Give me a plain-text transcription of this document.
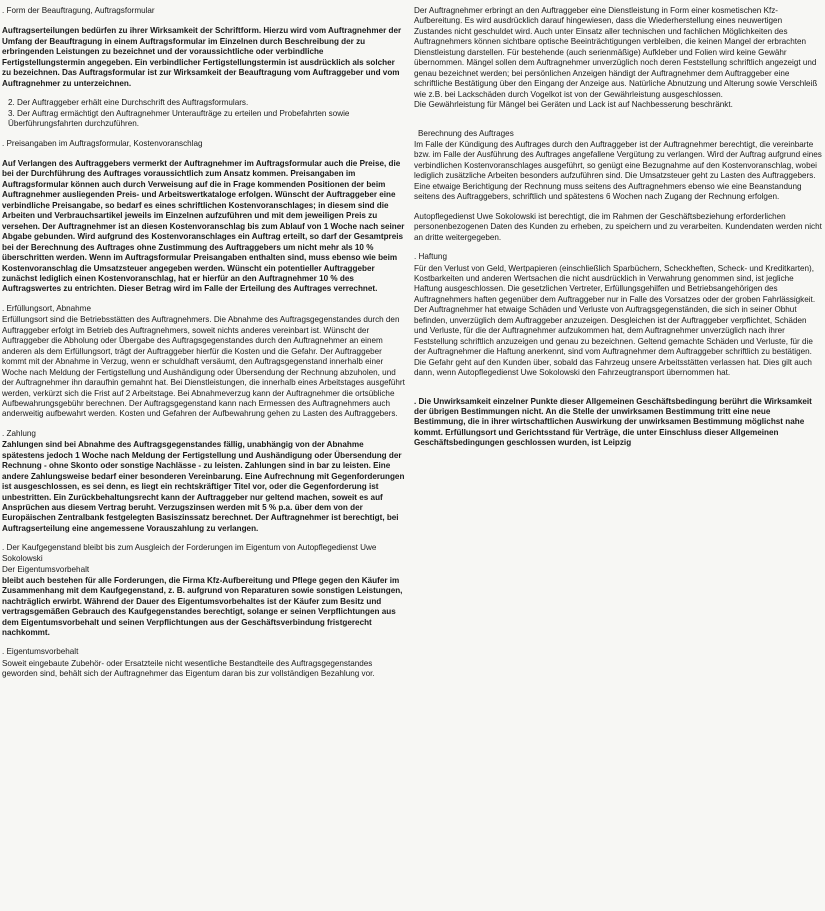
. Form der Beauftragung, Auftragsformular

Auftragserteilungen bedürfen zu ihrer Wirksamkeit der Schriftform. Hierzu wird vom Auftragnehmer der Umfang der Beauftragung in einem Auftragsformular im Einzelnen durch Beschreibung der zu erbringenden Leistungen zu bezeichnet und der voraussichtliche oder verbindliche Fertigstellungstermin angegeben. Ein verbindlicher Fertigstellungstermin ist ausdrücklich als solcher zu bezeichnen. Das Auftragsformular ist zur Wirksamkeit der Beauftragung vom Auftraggeber und vom Auftragnehmer zu unterzeichnen.

2. Der Auftraggeber erhält eine Durchschrift des Auftragsformulars.
3. Der Auftrag ermächtigt den Auftragnehmer Unteraufträge zu erteilen und Probefahrten sowie Überführungsfahrten durchzuführen.
. Preisangaben im Auftragsformular, Kostenvoranschlag

Auf Verlangen des Auftraggebers vermerkt der Auftragnehmer im Auftragsformular auch die Preise, die bei der Durchführung des Auftrages voraussichtlich zum Ansatz kommen. Preisangaben im Auftragsformular können auch durch Verweisung auf die in Frage kommenden Positionen der beim Auftragnehmer ausliegenden Preis- und Arbeitswertkataloge erfolgen. Wünscht der Auftraggeber eine verbindliche Preisangabe, so bedarf es eines schriftlichen Kostenvoranschlages; in diesem sind die Arbeiten und Verbrauchsartikel jeweils im Einzelnen aufzuführen und mit dem jeweiligen Preis zu versehen. Der Auftragnehmer ist an diesen Kostenvoranschlag bis zum Ablauf von 1 Woche nach seiner Abgabe gebunden. Wird aufgrund des Kostenvoranschlages ein Auftrag erteilt, so darf der Gesamtpreis bei der Berechnung des Auftrages ohne Zustimmung des Auftraggebers um nicht mehr als 10 % überschritten werden. Wenn im Auftragsformular Preisangaben enthalten sind, muss ebenso wie beim Kostenvoranschlag die Umsatzsteuer angegeben werden. Wünscht ein potentieller Auftraggeber zunächst lediglich einen Kostenvoranschlag, hat er hierfür an den Auftragnehmer 10 % des Auftragswertes zu entrichten. Dieser Betrag wird im Falle der Erteilung des Auftrages verrechnet.

. Erfüllungsort, Abnahme

Erfüllungsort sind die Betriebsstätten des Auftragnehmers. Die Abnahme des Auftragsgegenstandes durch den Auftraggeber erfolgt im Betrieb des Auftragnehmers, soweit nichts anderes vereinbart ist. Wünscht der Auftraggeber die Abholung oder Übergabe des Auftragsgegenstandes durch den Auftragnehmer an einem anderen als dem Erfüllungsort, trägt der Auftraggeber hierfür die Kosten und die Gefahr. Der Auftraggeber kommt mit der Abnahme in Verzug, wenn er schuldhaft versäumt, den Auftragsgegenstand innerhalb einer Woche nach Meldung der Fertigstellung und Aushändigung oder Übersendung der Rechnung abzuholen, und der Auftragnehmer ihn daraufhin gemahnt hat. Bei Dienstleistungen, die innerhalb eines Arbeitstages ausgeführt werden, verkürzt sich die Frist auf 2 Arbeitstage. Bei Abnahmeverzug kann der Auftragnehmer die ortsübliche Aufbewahrungsgebühr berechnen. Der Auftragsgegenstand kann nach Ermessen des Auftragnehmers auch anderweitig aufbewahrt werden. Kosten und Gefahren der Aufbewahrung gehen zu Lasten des Auftraggebers.

. Zahlung

Zahlungen sind bei Abnahme des Auftragsgegenstandes fällig, unabhängig von der Abnahme spätestens jedoch 1 Woche nach Meldung der Fertigstellung und Aushändigung oder Übersendung der Rechnung - ohne Skonto oder sonstige Nachlässe - zu leisten. Zahlungen sind in bar zu leisten. Eine andere Zahlungsweise bedarf einer besonderen Vereinbarung. Eine Aufrechnung mit Gegenforderungen ist ausgeschlossen, es sei denn, es liegt ein rechtskräftiger Titel vor, oder die Gegenforderung ist unbestritten. Ein Zurückbehaltungsrecht kann der Auftraggeber nur geltend machen, soweit es auf Ansprüchen aus diesem Vertrag beruht. Verzugszinsen werden mit 5 % p.a. über dem von der Europäischen Zentralbank festgelegten Basiszinssatz berechnet. Der Auftragnehmer ist berechtigt, bei Auftragserteilung eine angemessene Vorauszahlung zu verlangen.

. Der Kaufgegenstand bleibt bis zum Ausgleich der Forderungen im Eigentum von Autopflegedienst Uwe Sokolowski
Der Eigentumsvorbehalt

bleibt auch bestehen für alle Forderungen, die Firma Kfz-Aufbereitung und Pflege gegen den Käufer im Zusammenhang mit dem Kaufgegenstand, z. B. aufgrund von Reparaturen sowie sonstigen Leistungen, nachträglich erwirbt. Während der Dauer des Eigentumsvorbehaltes ist der Käufer zum Besitz und vertragsgemäßen Gebrauch des Kaufgegenstandes berechtigt, solange er seinen Verpflichtungen aus dem Eigentumsvorbehalt und seinen Verpflichtungen aus der Geschäftsverbindung fristgerecht nachkommt.

. Eigentumsvorbehalt

Soweit eingebaute Zubehör- oder Ersatzteile nicht wesentliche Bestandteile des Auftragsgegenstandes geworden sind, behält sich der Auftragnehmer das Eigentum daran bis zur vollständigen Bezahlung vor.

Der Auftragnehmer erbringt an den Auftraggeber eine Dienstleistung in Form einer kosmetischen Kfz-Aufbereitung. Es wird ausdrücklich darauf hingewiesen, dass die Wiederherstellung eines neuwertigen Zustandes nicht geschuldet wird. Auch unter Einsatz aller technischen und fachlichen Möglichkeiten des Auftragnehmers können sichtbare optische Beeinträchtigungen verbleiben, die keinen Mangel der erbrachten Dienstleistung darstellen. Für bestehende (auch serienmäßige) Aufkleber und Folien wird keine Gewähr übernommen. Mängel sollen dem Auftragnehmer unverzüglich noch deren Feststellung schriftlich angezeigt und genau bezeichnet werden; bei persönlichen Anzeigen händigt der Auftragnehmer dem Auftraggeber eine schriftliche Bestätigung über den Eingang der Anzeige aus. Natürliche Abnutzung und Alterung sowie Verschleiß wie z.B. bei Lackschäden durch Vogelkot ist von der Gewährleistung ausgeschlossen.

Die Gewährleistung für Mängel bei Geräten und Lack ist auf Nachbesserung beschränkt.

Berechnung des Auftrages

Im Falle der Kündigung des Auftrages durch den Auftraggeber ist der Auftragnehmer berechtigt, die vereinbarte bzw. im Falle der Ausführung des Auftrages angefallene Vergütung zu verlangen. Wird der Auftrag aufgrund eines verbindlichen Kostenvoranschlages ausgeführt, so genügt eine Bezugnahme auf den Kostenvoranschlag, wobei lediglich zusätzliche Arbeiten besonders aufzuführen sind. Die Umsatzsteuer geht zu Lasten des Auftraggebers. Eine etwaige Berichtigung der Rechnung muss seitens des Auftragnehmers ebenso wie eine Beanstandung seitens des Auftraggebers, schriftlich und spätestens 6 Wochen nach Zugang der Rechnung erfolgen.

Autopflegedienst Uwe Sokolowski ist berechtigt, die im Rahmen der Geschäftsbeziehung erforderlichen personenbezogenen Daten des Kunden zu erheben, zu speichern und zu verarbeiten. Kundendaten werden nicht an dritte weitergegeben.

. Haftung

Für den Verlust von Geld, Wertpapieren (einschließlich Sparbüchern, Scheckheften, Scheck- und Kreditkarten), Kostbarkeiten und anderen Wertsachen die nicht ausdrücklich in Verwahrung genommen sind, ist jegliche Haftung ausgeschlossen. Die gesetzlichen Vertreter, Erfüllungsgehilfen und Betriebsangehörigen des Auftragnehmers haften gegenüber dem Auftraggeber nur in Falle des Vorsatzes oder der groben Fahrlässigkeit. Der Auftragnehmer hat etwaige Schäden und Verluste von Auftragsgegenständen, die sich in seiner Obhut befinden, unverzüglich dem Auftraggeber anzuzeigen. Desgleichen ist der Auftraggeber verpflichtet, Schäden und Verluste, für die der Auftragnehmer aufzukommen hat, dem Auftragnehmer unverzüglich nach ihrer Feststellung schriftlich anzuzeigen und genau zu bezeichnen. Geltend gemachte Schäden und Verluste, für die der Auftragnehmer die Haftung anerkennt, sind vom Auftragnehmer dem Auftraggeber schriftlich zu bestätigen. Die Gefahr geht auf den Kunden über, sobald das Fahrzeug unsere Arbeitsstätten verlassen hat. Dies gilt auch dann, wenn Autopflegedienst Uwe Sokolowski den Fahrzeugtransport übernommen hat.

. Die Unwirksamkeit einzelner Punkte dieser Allgemeinen Geschäftsbedingung berührt die Wirksamkeit der übrigen Bestimmungen nicht. An die Stelle der unwirksamen Bestimmung tritt eine neue Bestimmung, die in ihrer wirtschaftlichen Auswirkung der unwirksamen Bestimmung möglichst nahe kommt. Erfüllungsort und Gerichtsstand für Verträge, die unter Einschluss dieser Allgemeinen Geschäftsbedingungen geschlossen wurden, ist Leipzig
